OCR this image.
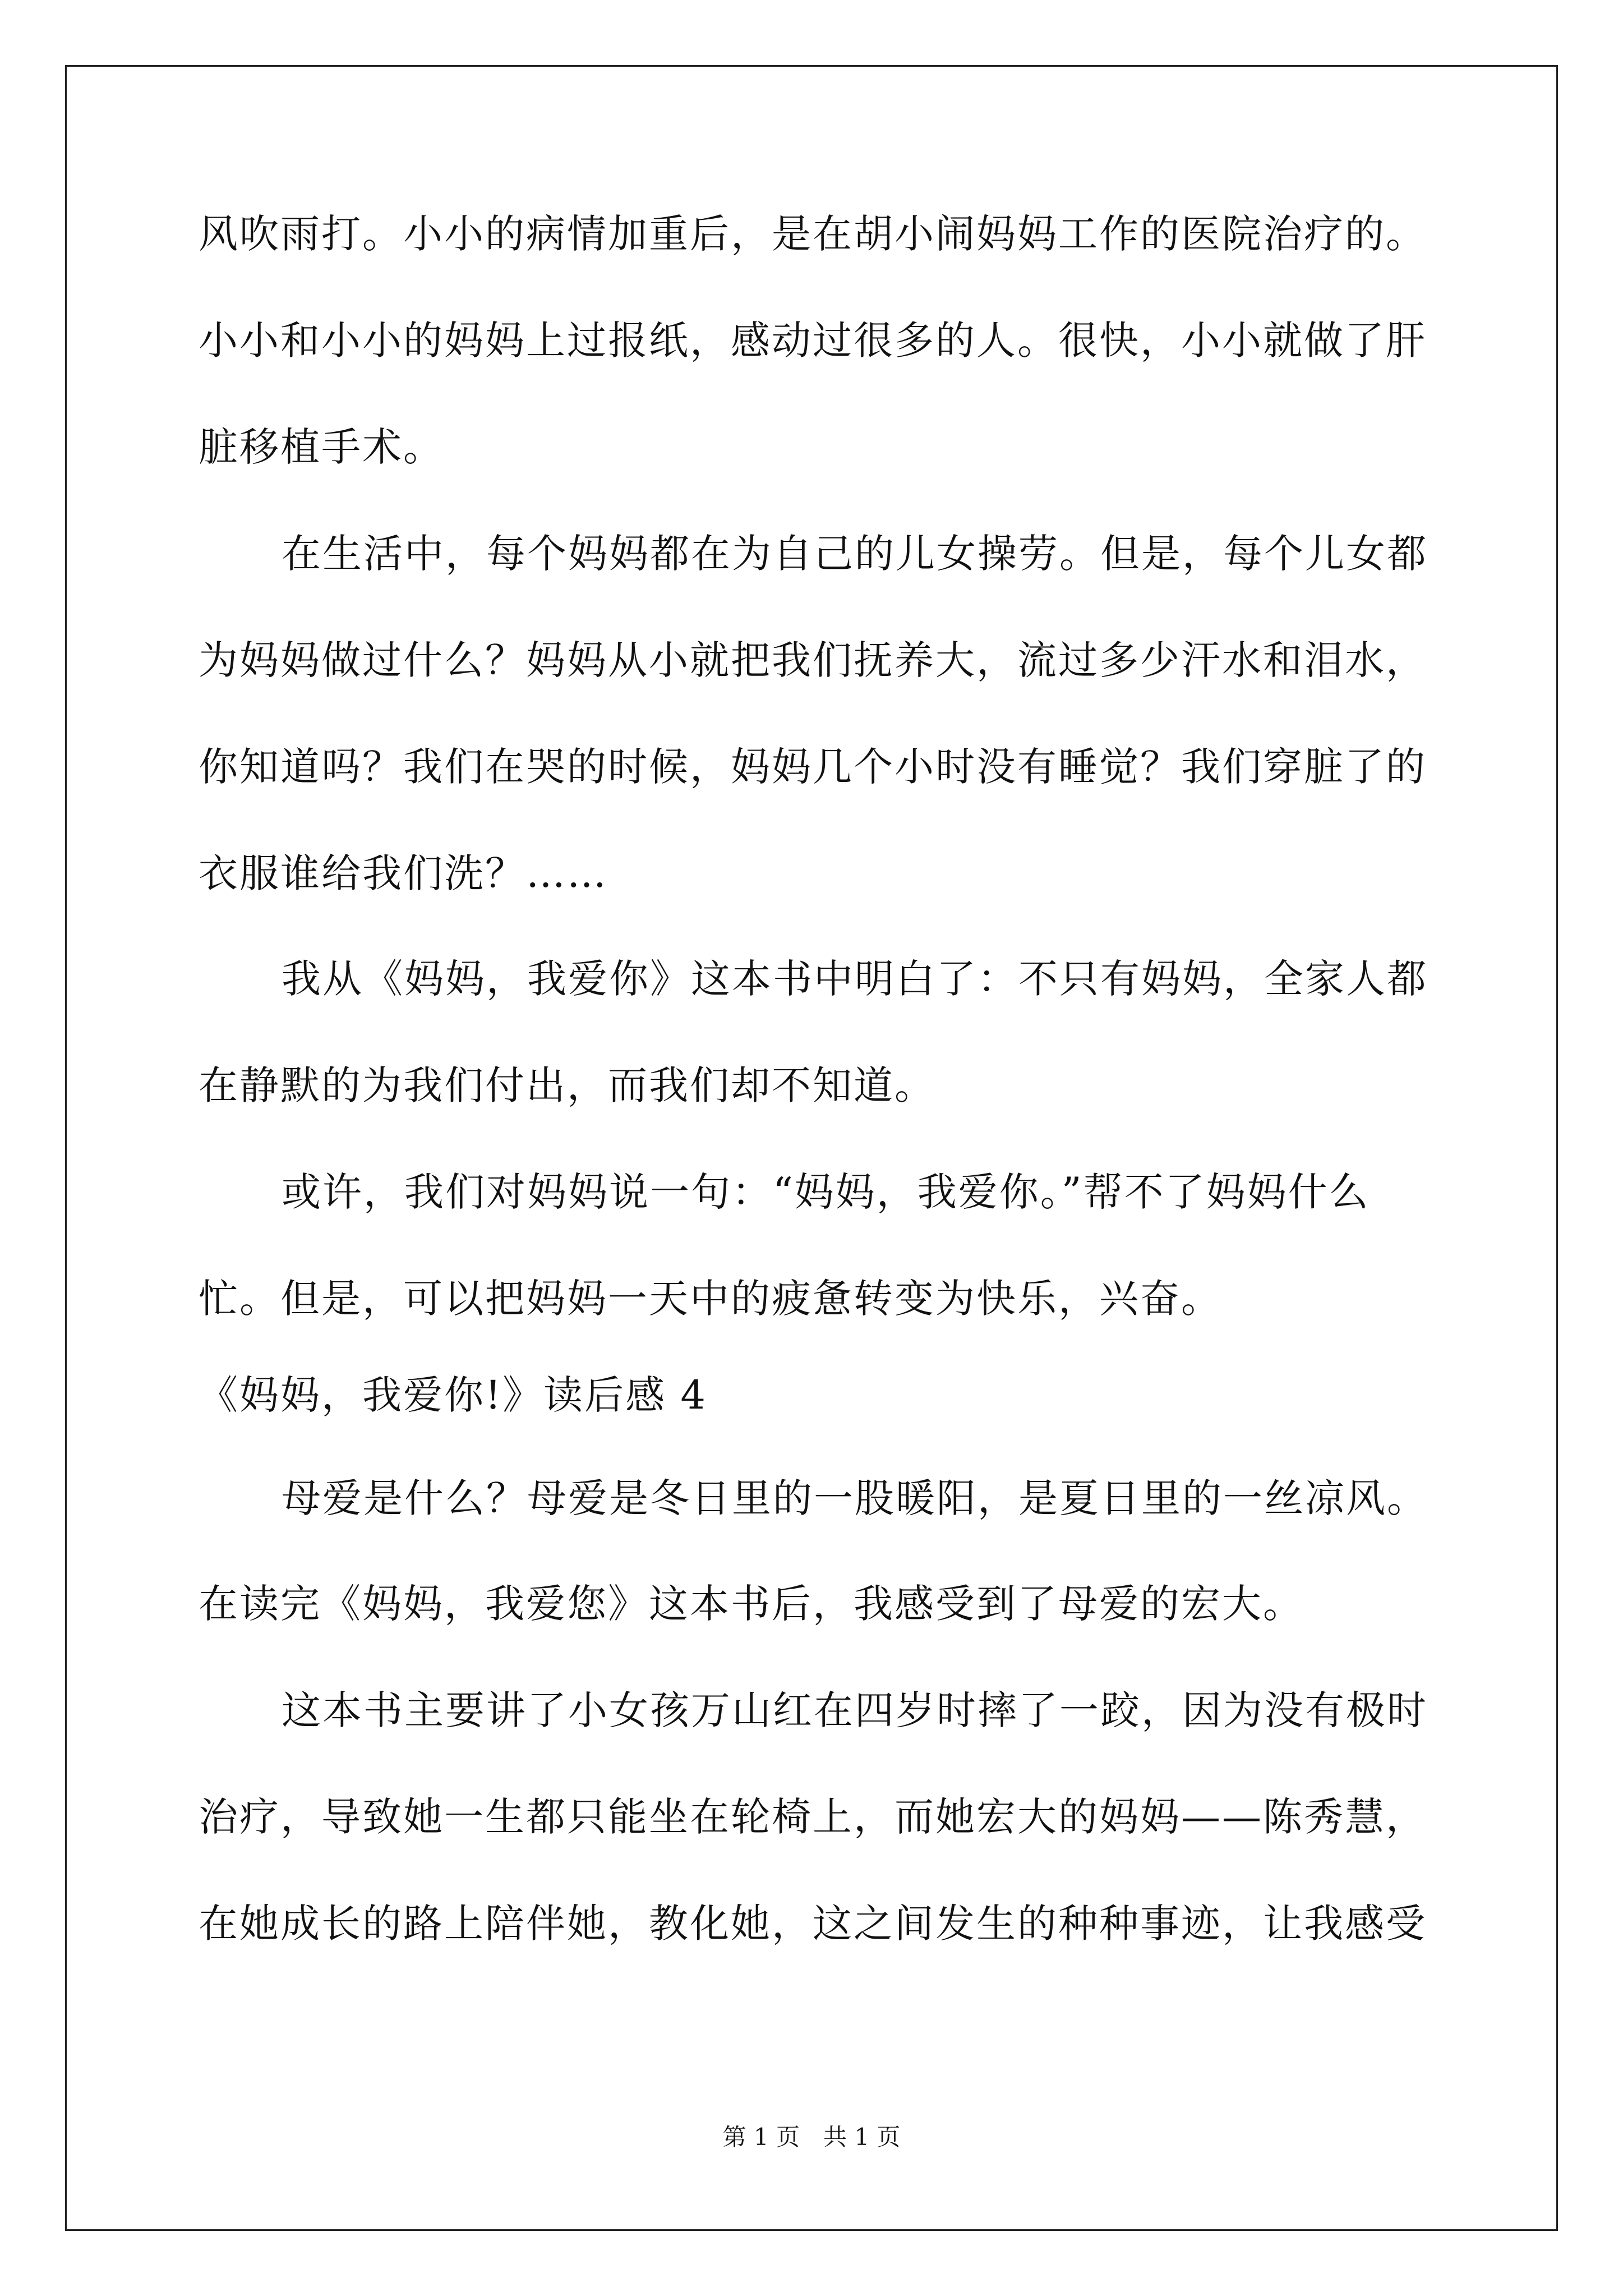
风吹雨打。小小的病情加重后，是在胡小闹妈妈工作的医院治疗的。
小小和小小的妈妈上过报纸，感动过很多的人。很快，小小就做了肝
脏移植手术。
在生活中，每个妈妈都在为自己的儿女操劳。但是，每个儿女都
为妈妈做过什么？妈妈从小就把我们抚养大，流过多少汗水和泪水，
你知道吗？我们在哭的时候，妈妈几个小时没有睡觉？我们穿脏了的
衣服谁给我们洗？……
我从《妈妈，我爱你》这本书中明白了：不只有妈妈，全家人都
在静默的为我们付出，而我们却不知道。
或许，我们对妈妈说一句：“妈妈，我爱你。”帮不了妈妈什么
忙。但是，可以把妈妈一天中的疲惫转变为快乐，兴奋。
《妈妈，我爱你!》读后感 4
母爱是什么？母爱是冬日里的一股暖阳，是夏日里的一丝凉风。
在读完《妈妈，我爱您》这本书后，我感受到了母爱的宏大。
这本书主要讲了小女孩万山红在四岁时摔了一跤，因为没有极时
治疗，导致她一生都只能坐在轮椅上，而她宏大的妈妈——陈秀慧，
在她成长的路上陪伴她，教化她，这之间发生的种种事迹，让我感受
第 1 页　共 1 页
